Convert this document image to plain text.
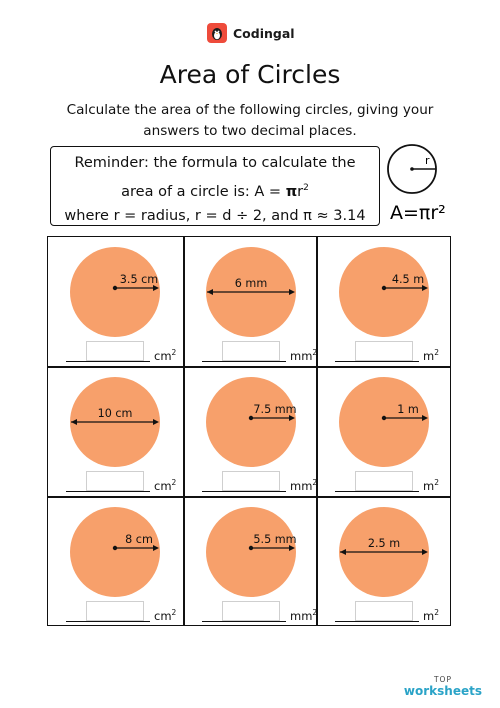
Codingal
Area of Circles
Calculate the area of the following circles, giving your answers to two decimal places.
Reminder: the formula to calculate the
area of a circle is: $A = \pi r^2$
where r = radius, r = d ÷ 2, and π ≈ 3.14
r
A=πr²
3.5 cm
$cm^2$
6 mm
$mm^2$
4.5 m
$m^2$
10 cm
$cm^2$
7.5 mm
$mm^2$
1 m
$m^2$
8 cm
$cm^2$
5.5 mm
$mm^2$
2.5 m
$m^2$
TOP
worksheets
